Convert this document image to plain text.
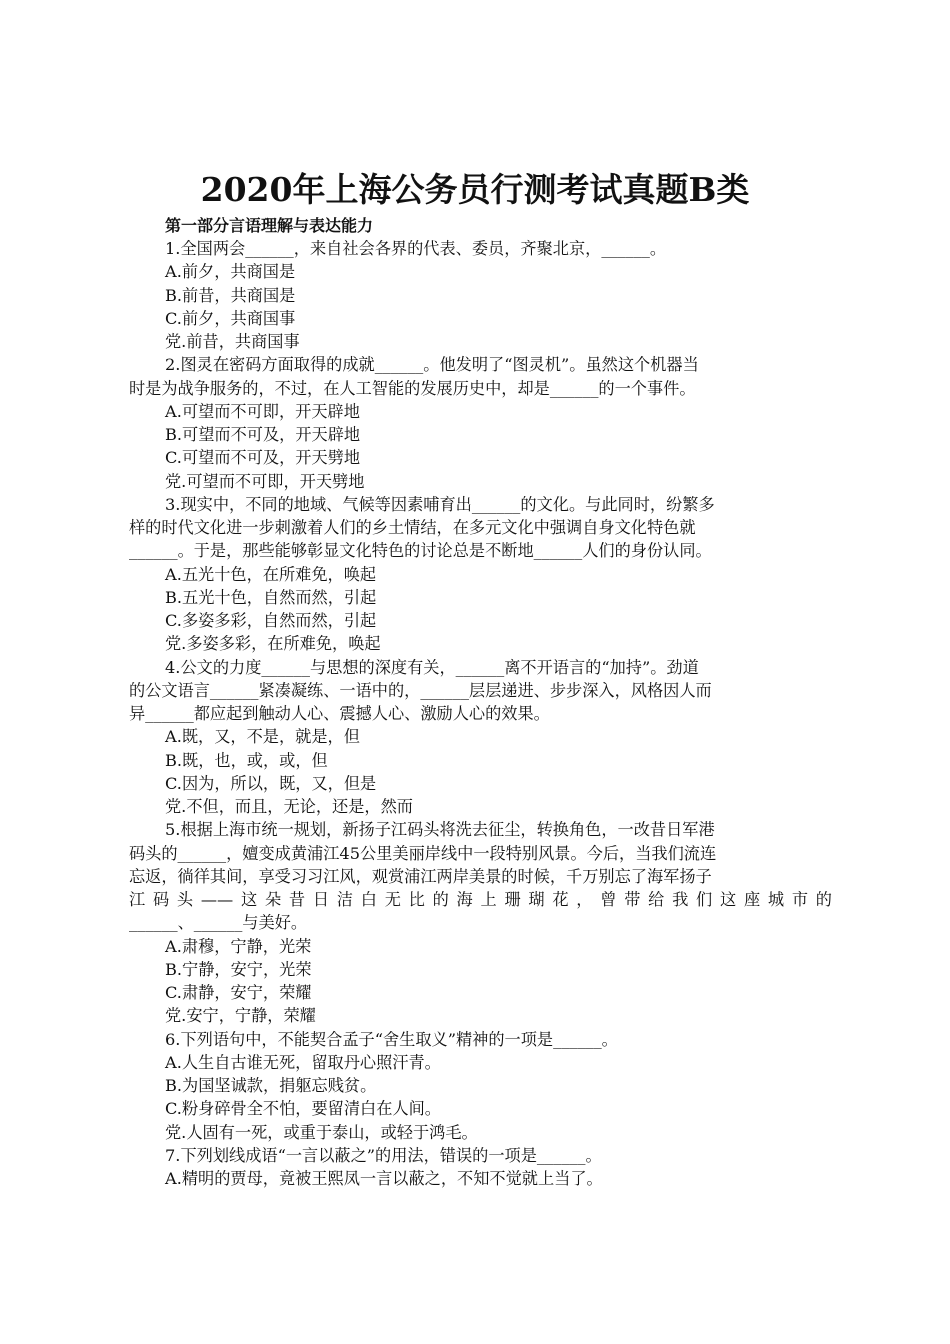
2020年上海公务员行测考试真题B类
第一部分言语理解与表达能力
1.全国两会______，来自社会各界的代表、委员，齐聚北京，______。
A.前夕，共商国是
B.前昔，共商国是
C.前夕，共商国事
党.前昔，共商国事
2.图灵在密码方面取得的成就______。他发明了“图灵机”。虽然这个机器当
时是为战争服务的，不过，在人工智能的发展历史中，却是______的一个事件。
A.可望而不可即，开天辟地
B.可望而不可及，开天辟地
C.可望而不可及，开天劈地
党.可望而不可即，开天劈地
3.现实中，不同的地域、气候等因素哺育出______的文化。与此同时，纷繁多
样的时代文化进一步刺激着人们的乡土情结，在多元文化中强调自身文化特色就
______。于是，那些能够彰显文化特色的讨论总是不断地______人们的身份认同。
A.五光十色，在所难免，唤起
B.五光十色，自然而然，引起
C.多姿多彩，自然而然，引起
党.多姿多彩，在所难免，唤起
4.公文的力度______与思想的深度有关，______离不开语言的“加持”。劲道
的公文语言______紧凑凝练、一语中的，______层层递进、步步深入，风格因人而
异______都应起到触动人心、震撼人心、激励人心的效果。
A.既，又，不是，就是，但
B.既，也，或，或，但
C.因为，所以，既，又，但是
党.不但，而且，无论，还是，然而
5.根据上海市统一规划，新扬子江码头将洗去征尘，转换角色，一改昔日军港
码头的______，嬗变成黄浦江45公里美丽岸线中一段特别风景。今后，当我们流连
忘返，徜徉其间，享受习习江风，观赏浦江两岸美景的时候，千万别忘了海军扬子
江码头——这朵昔日洁白无比的海上珊瑚花，曾带给我们这座城市的
______、______与美好。
A.肃穆，宁静，光荣
B.宁静，安宁，光荣
C.肃静，安宁，荣耀
党.安宁，宁静，荣耀
6.下列语句中，不能契合孟子“舍生取义”精神的一项是______。
A.人生自古谁无死，留取丹心照汗青。
B.为国坚诚款，捐躯忘贱贫。
C.粉身碎骨全不怕，要留清白在人间。
党.人固有一死，或重于泰山，或轻于鸿毛。
7.下列划线成语“一言以蔽之”的用法，错误的一项是______。
A.精明的贾母，竟被王熙凤一言以蔽之，不知不觉就上当了。
